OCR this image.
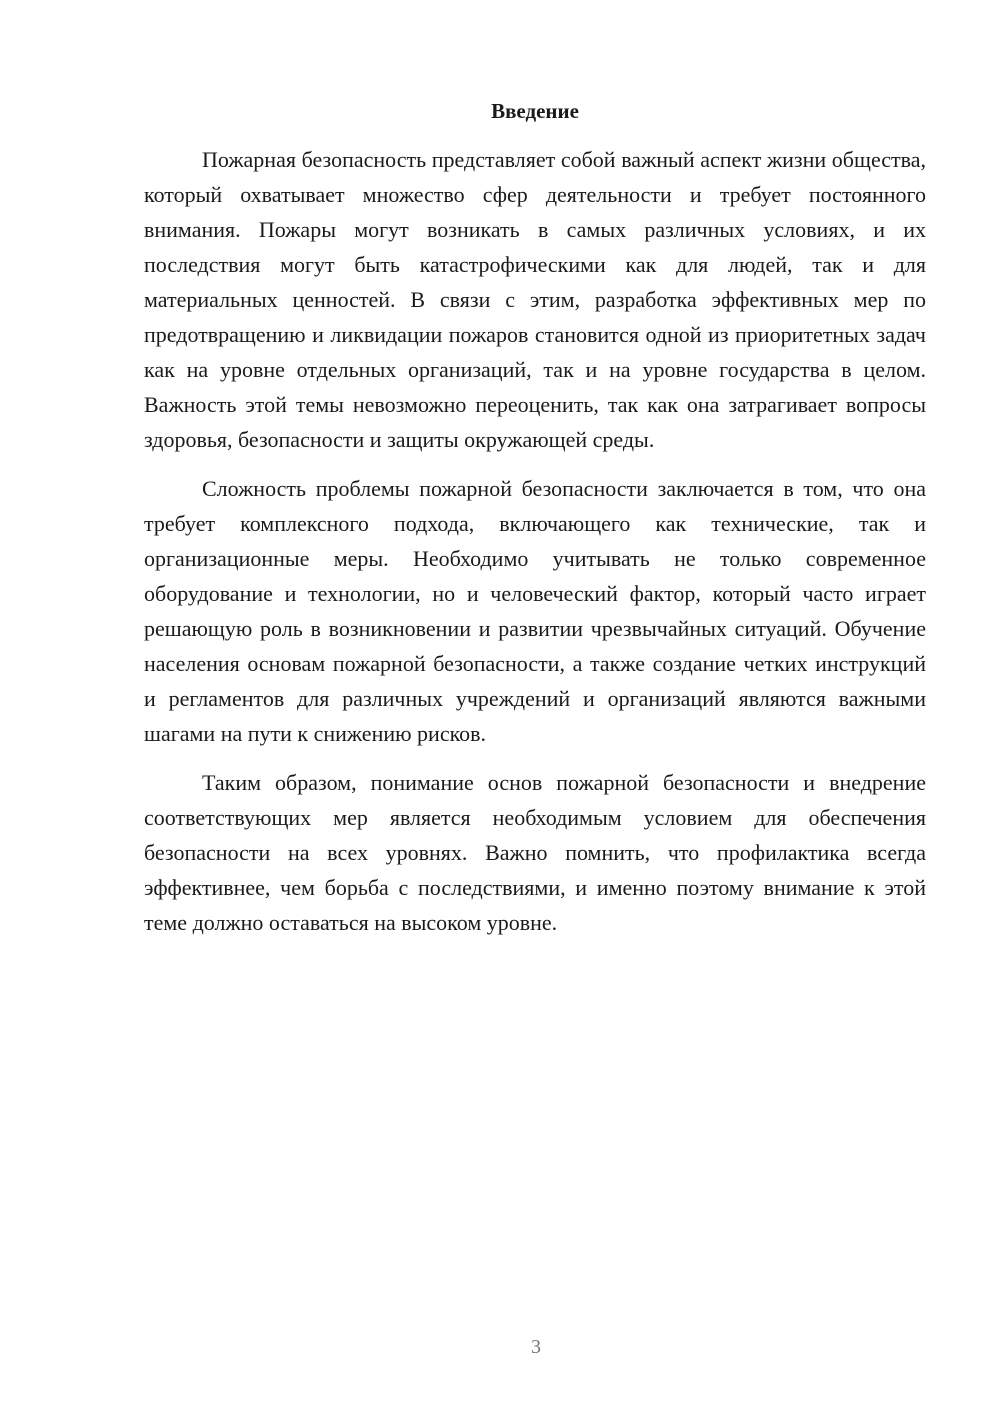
Введение

Пожарная безопасность представляет собой важный аспект жизни общества, который охватывает множество сфер деятельности и требует постоянного внимания. Пожары могут возникать в самых различных условиях, и их последствия могут быть катастрофическими как для людей, так и для материальных ценностей. В связи с этим, разработка эффективных мер по предотвращению и ликвидации пожаров становится одной из приоритетных задач как на уровне отдельных организаций, так и на уровне государства в целом. Важность этой темы невозможно переоценить, так как она затрагивает вопросы здоровья, безопасности и защиты окружающей среды.

Сложность проблемы пожарной безопасности заключается в том, что она требует комплексного подхода, включающего как технические, так и организационные меры. Необходимо учитывать не только современное оборудование и технологии, но и человеческий фактор, который часто играет решающую роль в возникновении и развитии чрезвычайных ситуаций. Обучение населения основам пожарной безопасности, а также создание четких инструкций и регламентов для различных учреждений и организаций являются важными шагами на пути к снижению рисков.

Таким образом, понимание основ пожарной безопасности и внедрение соответствующих мер является необходимым условием для обеспечения безопасности на всех уровнях. Важно помнить, что профилактика всегда эффективнее, чем борьба с последствиями, и именно поэтому внимание к этой теме должно оставаться на высоком уровне.

3
